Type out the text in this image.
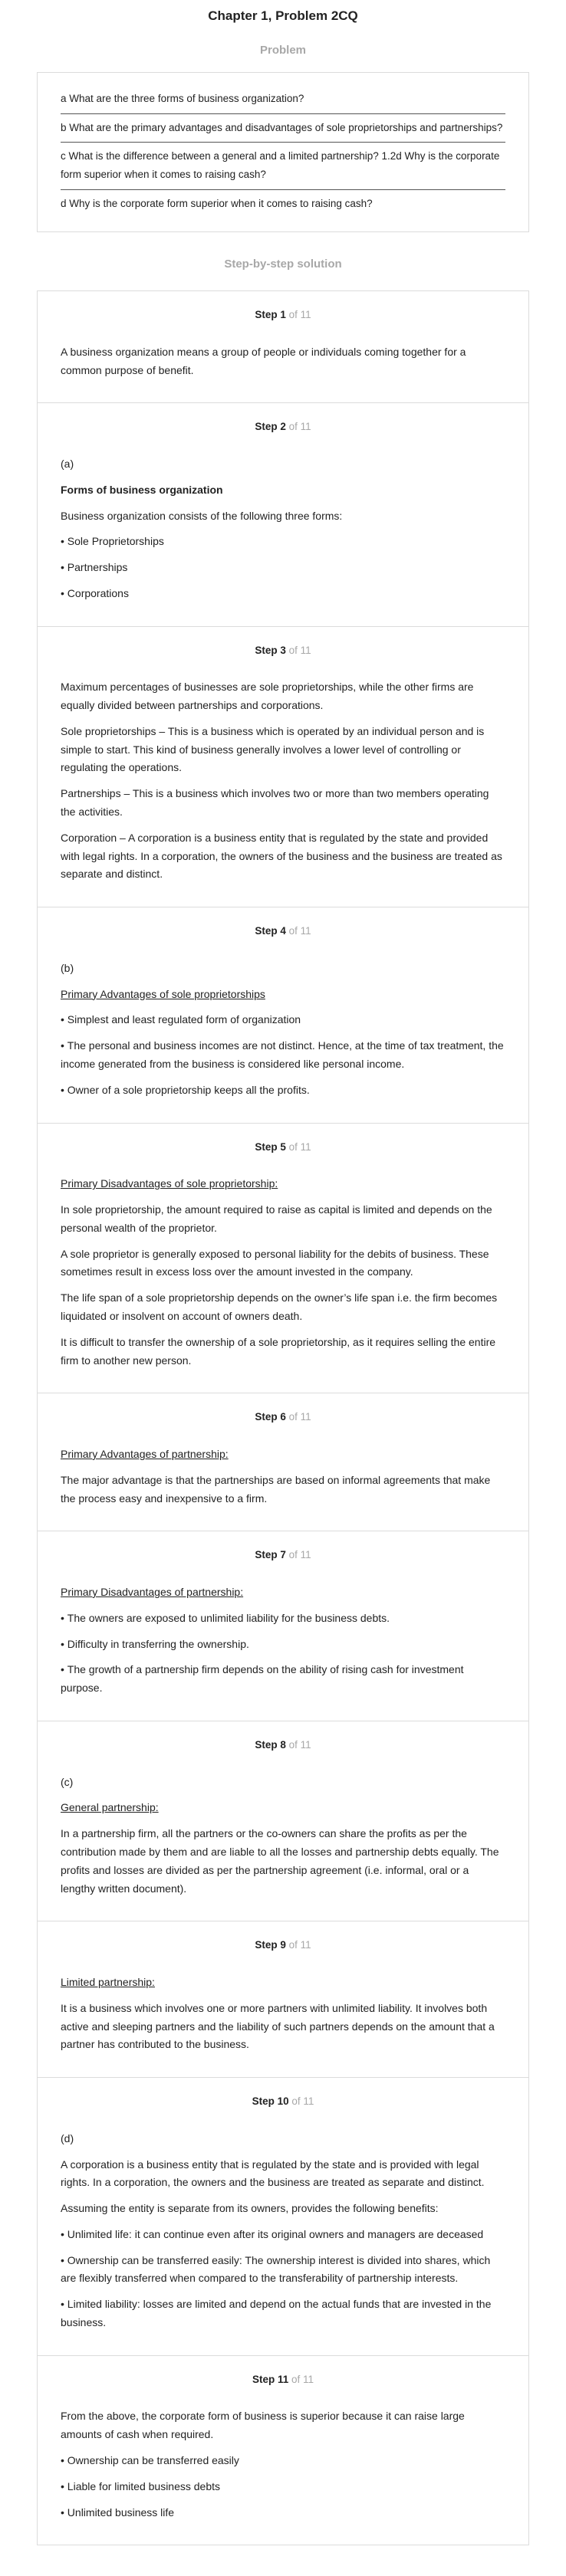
Chapter 1, Problem 2CQ
Problem
a What are the three forms of business organization?
b What are the primary advantages and disadvantages of sole proprietorships and partnerships?
c What is the difference between a general and a limited partnership? 1.2d Why is the corporate form superior when it comes to raising cash?
d Why is the corporate form superior when it comes to raising cash?
Step-by-step solution
Step 1 of 11

A business organization means a group of people or individuals coming together for a common purpose of benefit.

Step 2 of 11

(a)

Forms of business organization

Business organization consists of the following three forms:

• Sole Proprietorships

• Partnerships

• Corporations

Step 3 of 11

Maximum percentages of businesses are sole proprietorships, while the other firms are equally divided between partnerships and corporations.

Sole proprietorships – This is a business which is operated by an individual person and is simple to start. This kind of business generally involves a lower level of controlling or regulating the operations.

Partnerships – This is a business which involves two or more than two members operating the activities.

Corporation – A corporation is a business entity that is regulated by the state and provided with legal rights. In a corporation, the owners of the business and the business are treated as separate and distinct.

Step 4 of 11

(b)

Primary Advantages of sole proprietorships

• Simplest and least regulated form of organization

• The personal and business incomes are not distinct. Hence, at the time of tax treatment, the income generated from the business is considered like personal income.

• Owner of a sole proprietorship keeps all the profits.

Step 5 of 11

Primary Disadvantages of sole proprietorship:

In sole proprietorship, the amount required to raise as capital is limited and depends on the personal wealth of the proprietor.

A sole proprietor is generally exposed to personal liability for the debits of business. These sometimes result in excess loss over the amount invested in the company.

The life span of a sole proprietorship depends on the owner’s life span i.e. the firm becomes liquidated or insolvent on account of owners death.

It is difficult to transfer the ownership of a sole proprietorship, as it requires selling the entire firm to another new person.

Step 6 of 11

Primary Advantages of partnership:

The major advantage is that the partnerships are based on informal agreements that make the process easy and inexpensive to a firm.

Step 7 of 11

Primary Disadvantages of partnership:

• The owners are exposed to unlimited liability for the business debts.

• Difficulty in transferring the ownership.

• The growth of a partnership firm depends on the ability of rising cash for investment purpose.

Step 8 of 11

(c)

General partnership:

In a partnership firm, all the partners or the co-owners can share the profits as per the contribution made by them and are liable to all the losses and partnership debts equally. The profits and losses are divided as per the partnership agreement (i.e. informal, oral or a lengthy written document).

Step 9 of 11

Limited partnership:

It is a business which involves one or more partners with unlimited liability. It involves both active and sleeping partners and the liability of such partners depends on the amount that a partner has contributed to the business.

Step 10 of 11

(d)

A corporation is a business entity that is regulated by the state and is provided with legal rights. In a corporation, the owners and the business are treated as separate and distinct.

Assuming the entity is separate from its owners, provides the following benefits:

• Unlimited life: it can continue even after its original owners and managers are deceased

• Ownership can be transferred easily: The ownership interest is divided into shares, which are flexibly transferred when compared to the transferability of partnership interests.

• Limited liability: losses are limited and depend on the actual funds that are invested in the business.

Step 11 of 11

From the above, the corporate form of business is superior because it can raise large amounts of cash when required.

• Ownership can be transferred easily

• Liable for limited business debts

• Unlimited business life
